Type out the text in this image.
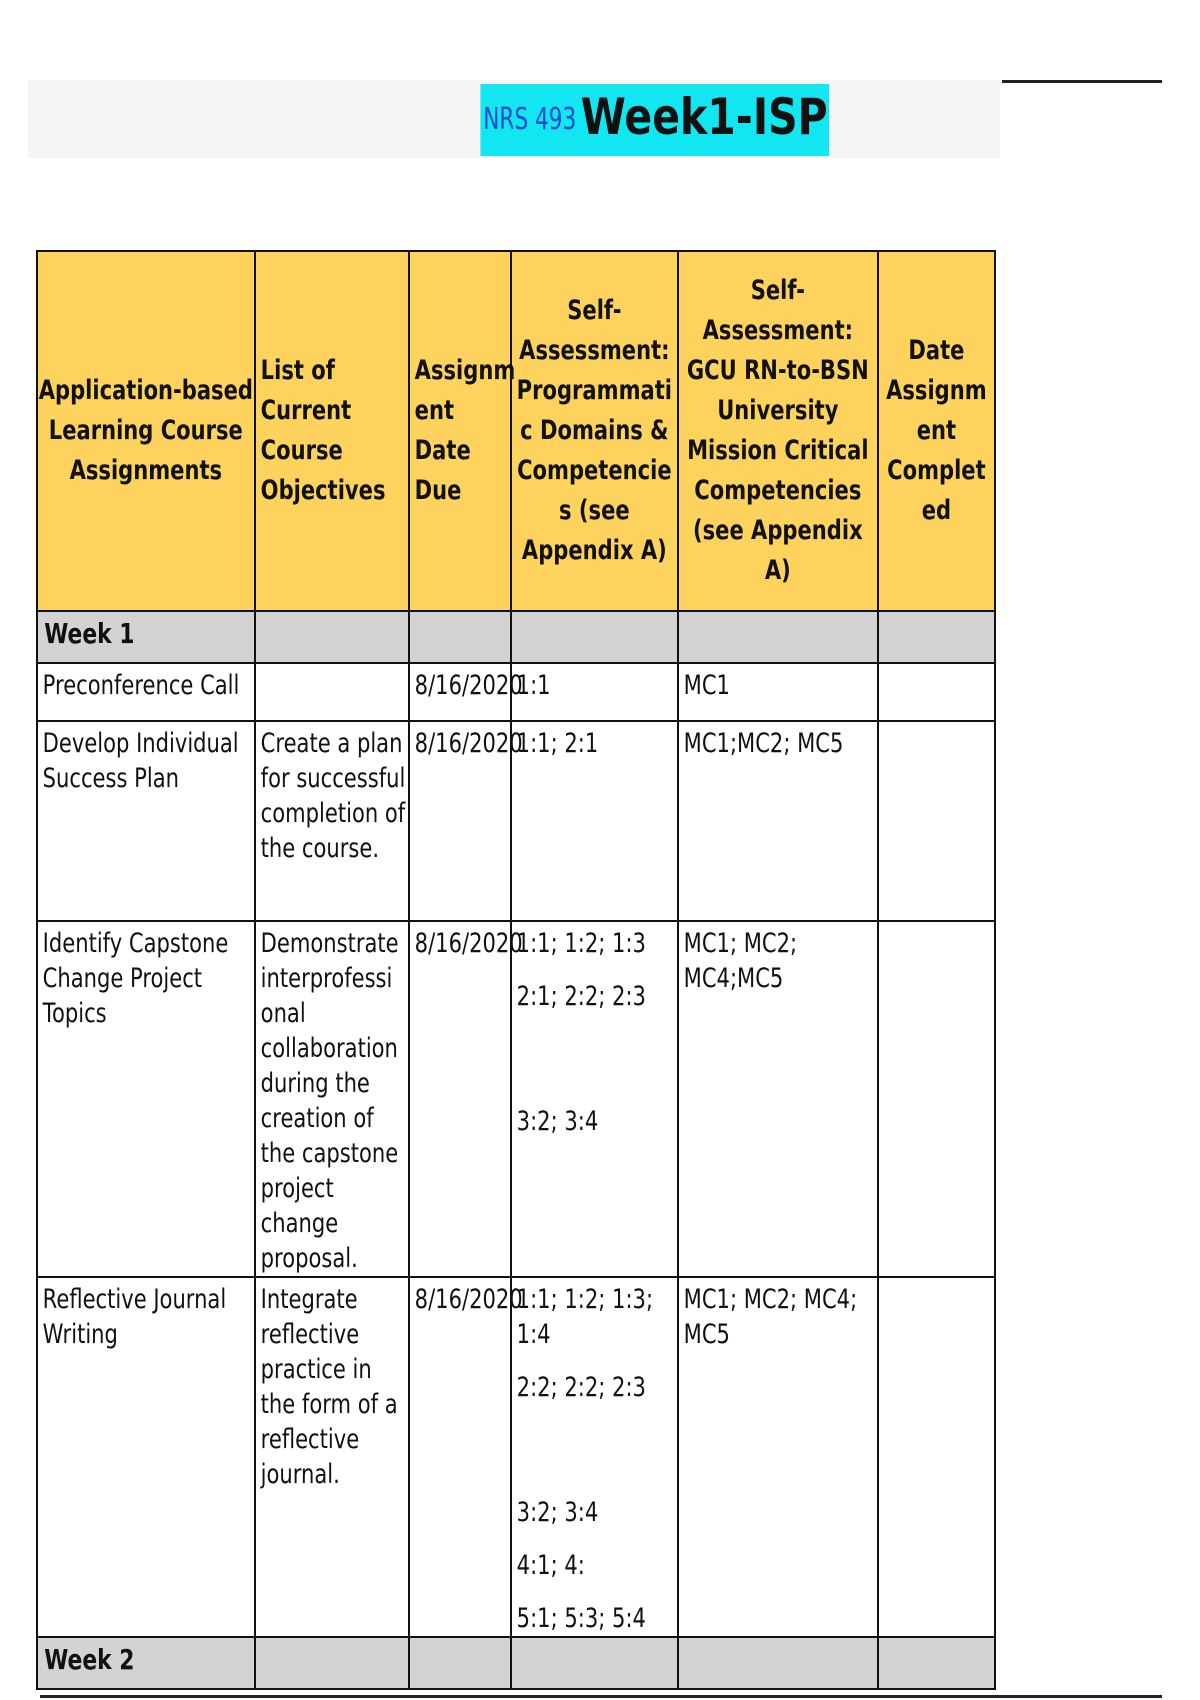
NRS 493 Week1-ISP
Application-based Learning Course Assignments	List of Current Course Objectives	Assignm ent Date Due	Self-Assessment: Programmati c Domains & Competencie s (see Appendix A)	Self-Assessment: GCU RN-to-BSN University Mission Critical Competencies (see Appendix A)	Date Assignm ent Complet ed
Week 1					
Preconference Call		8/16/2020	1:1	MC1	
Develop Individual Success Plan	Create a plan for successful completion of the course.	8/16/2020	1:1; 2:1	MC1;MC2; MC5	
Identify Capstone Change Project Topics	Demonstrate interprofessi onal collaboration during the creation of the capstone project change proposal.	8/16/2020	1:1; 1:2; 1:3
2:1; 2:2; 2:3
3:2; 3:4	MC1; MC2; MC4;MC5	
Reflective Journal Writing	Integrate reflective practice in the form of a reflective journal.	8/16/2020	1:1; 1:2; 1:3; 1:4
2:2; 2:2; 2:3
3:2; 3:4
4:1; 4:
5:1; 5:3; 5:4	MC1; MC2; MC4; MC5	
Week 2					
